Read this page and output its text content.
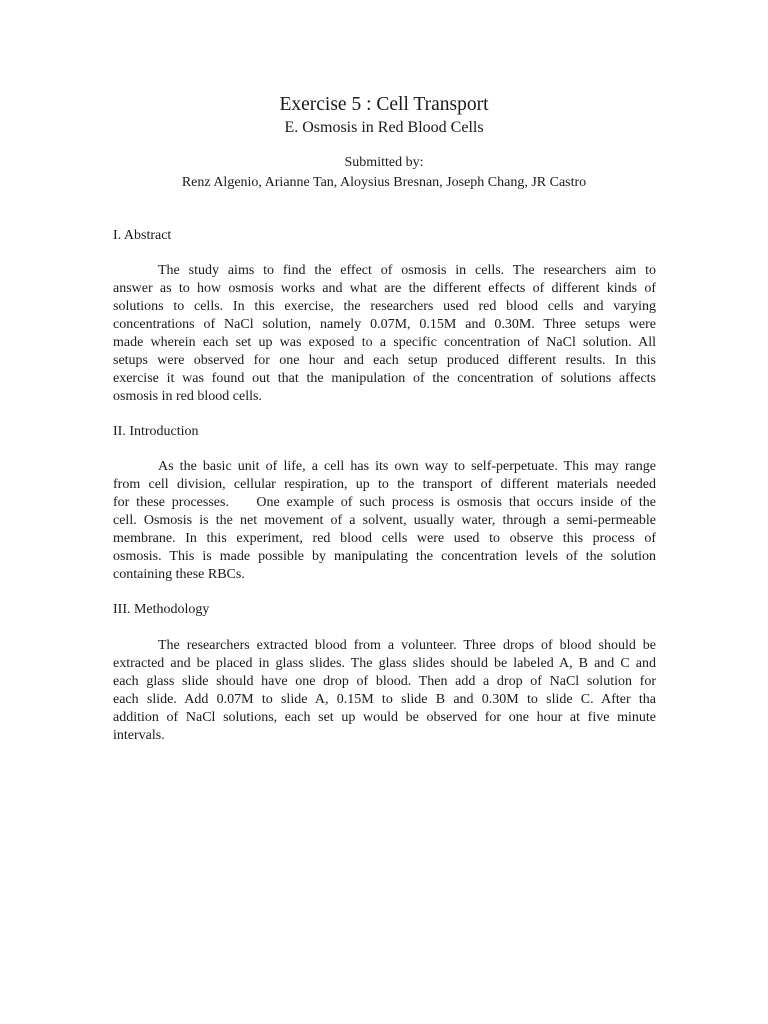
Exercise 5 : Cell Transport
E. Osmosis in Red Blood Cells
Submitted by:
Renz Algenio, Arianne Tan, Aloysius Bresnan, Joseph Chang, JR Castro
I. Abstract
The study aims to find the effect of osmosis in cells. The researchers aim to
answer as to how osmosis works and what are the different effects of different kinds of
solutions to cells. In this exercise, the researchers used red blood cells and varying
concentrations of NaCl solution, namely 0.07M, 0.15M and 0.30M. Three setups were
made wherein each set up was exposed to a specific concentration of NaCl solution. All
setups were observed for one hour and each setup produced different results. In this
exercise it was found out that the manipulation of the concentration of solutions affects
osmosis in red blood cells.
II. Introduction
As the basic unit of life, a cell has its own way to self-perpetuate. This may range
from cell division, cellular respiration, up to the transport of different materials needed
for these processes.    One example of such process is osmosis that occurs inside of the
cell. Osmosis is the net movement of a solvent, usually water, through a semi-permeable
membrane. In this experiment, red blood cells were used to observe this process of
osmosis. This is made possible by manipulating the concentration levels of the solution
containing these RBCs.
III. Methodology
The researchers extracted blood from a volunteer. Three drops of blood should be
extracted and be placed in glass slides. The glass slides should be labeled A, B and C and
each glass slide should have one drop of blood. Then add a drop of NaCl solution for
each slide. Add 0.07M to slide A, 0.15M to slide B and 0.30M to slide C. After tha
addition of NaCl solutions, each set up would be observed for one hour at five minute
intervals.
